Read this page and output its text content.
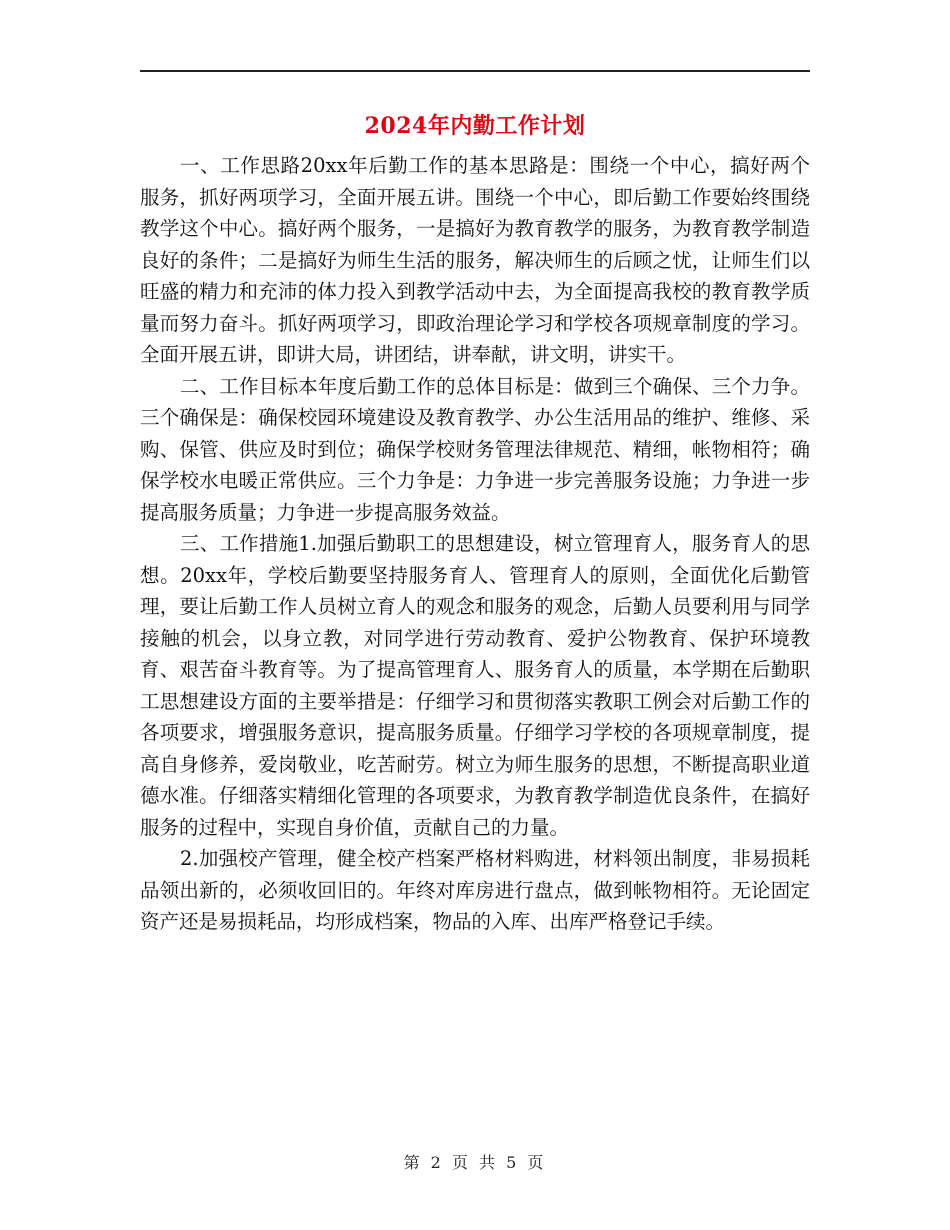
2024年内勤工作计划

一、工作思路20xx年后勤工作的基本思路是：围绕一个中心，搞好两个服务，抓好两项学习，全面开展五讲。围绕一个中心，即后勤工作要始终围绕教学这个中心。搞好两个服务，一是搞好为教育教学的服务，为教育教学制造良好的条件；二是搞好为师生生活的服务，解决师生的后顾之忧，让师生们以旺盛的精力和充沛的体力投入到教学活动中去，为全面提高我校的教育教学质量而努力奋斗。抓好两项学习，即政治理论学习和学校各项规章制度的学习。全面开展五讲，即讲大局，讲团结，讲奉献，讲文明，讲实干。

二、工作目标本年度后勤工作的总体目标是：做到三个确保、三个力争。三个确保是：确保校园环境建设及教育教学、办公生活用品的维护、维修、采购、保管、供应及时到位；确保学校财务管理法律规范、精细，帐物相符；确保学校水电暖正常供应。三个力争是：力争进一步完善服务设施；力争进一步提高服务质量；力争进一步提高服务效益。

三、工作措施1.加强后勤职工的思想建设，树立管理育人，服务育人的思想。20xx年，学校后勤要坚持服务育人、管理育人的原则，全面优化后勤管理，要让后勤工作人员树立育人的观念和服务的观念，后勤人员要利用与同学接触的机会，以身立教，对同学进行劳动教育、爱护公物教育、保护环境教育、艰苦奋斗教育等。为了提高管理育人、服务育人的质量，本学期在后勤职工思想建设方面的主要举措是：仔细学习和贯彻落实教职工例会对后勤工作的各项要求，增强服务意识，提高服务质量。仔细学习学校的各项规章制度，提高自身修养，爱岗敬业，吃苦耐劳。树立为师生服务的思想，不断提高职业道德水准。仔细落实精细化管理的各项要求，为教育教学制造优良条件，在搞好服务的过程中，实现自身价值，贡献自己的力量。

2.加强校产管理，健全校产档案严格材料购进，材料领出制度，非易损耗品领出新的，必须收回旧的。年终对库房进行盘点，做到帐物相符。无论固定资产还是易损耗品，均形成档案，物品的入库、出库严格登记手续。

第 2 页 共 5 页
